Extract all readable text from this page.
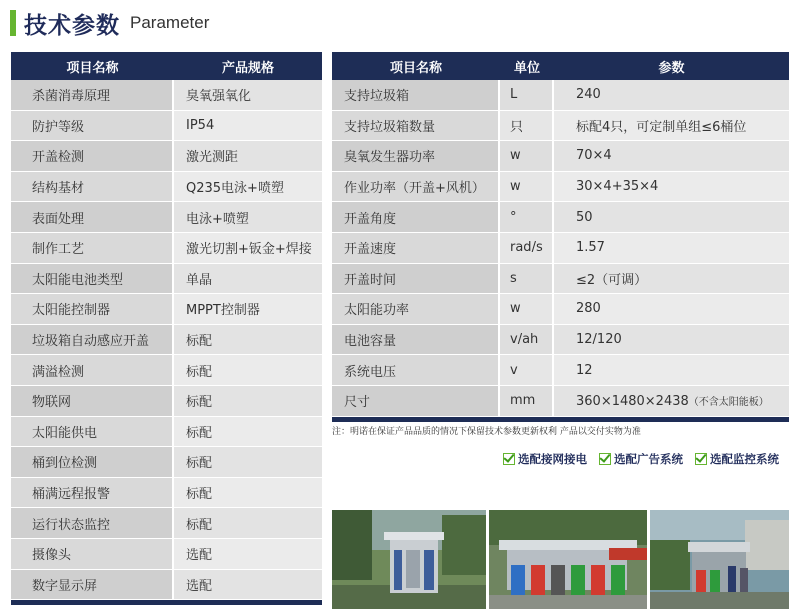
技术参数 Parameter
项目名称	产品规格
杀菌消毒原理	臭氧强氧化
防护等级	IP54
开盖检测	激光测距
结构基材	Q235电泳+喷塑
表面处理	电泳+喷塑
制作工艺	激光切割+钣金+焊接
太阳能电池类型	单晶
太阳能控制器	MPPT控制器
垃圾箱自动感应开盖	标配
满溢检测	标配
物联网	标配
太阳能供电	标配
桶到位检测	标配
桶满远程报警	标配
运行状态监控	标配
摄像头	选配
数字显示屏	选配

项目名称	单位	参数
支持垃圾箱	L	240
支持垃圾箱数量	只	标配4只，可定制单组≤6桶位
臭氧发生器功率	w	70×4
作业功率（开盖+风机）	w	30×4+35×4
开盖角度	°	50
开盖速度	rad/s	1.57
开盖时间	s	≤2（可调）
太阳能功率	w	280
电池容量	v/ah	12/120
系统电压	v	12
尺寸	mm	360×1480×2438（不含太阳能板）

注：明诺在保证产品品质的情况下保留技术参数更新权利 产品以交付实物为准
选配接网接电 选配广告系统 选配监控系统
